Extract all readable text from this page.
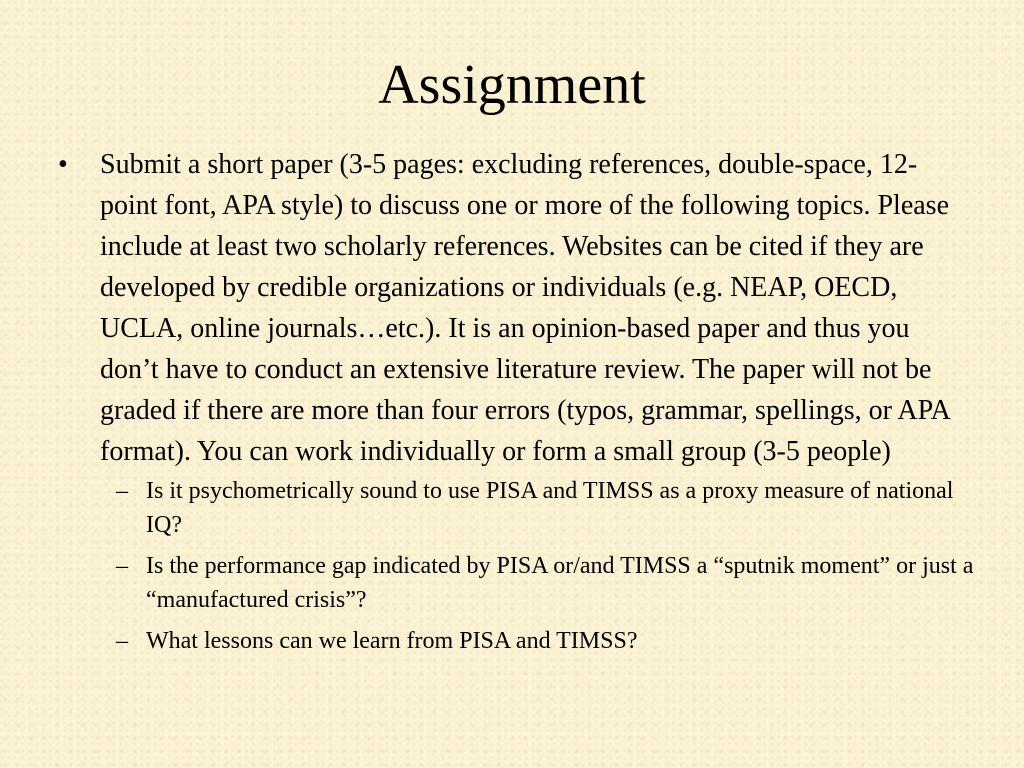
Assignment
• Submit a short paper (3-5 pages: excluding references, double-space, 12-point font, APA style) to discuss one or more of the following topics. Please include at least two scholarly references. Websites can be cited if they are developed by credible organizations or individuals (e.g. NEAP, OECD, UCLA, online journals…etc.). It is an opinion-based paper and thus you don’t have to conduct an extensive literature review. The paper will not be graded if there are more than four errors (typos, grammar, spellings, or APA format). You can work individually or form a small group (3-5 people)
– Is it psychometrically sound to use PISA and TIMSS as a proxy measure of national IQ?
– Is the performance gap indicated by PISA or/and TIMSS a “sputnik moment” or just a “manufactured crisis”?
– What lessons can we learn from PISA and TIMSS?
